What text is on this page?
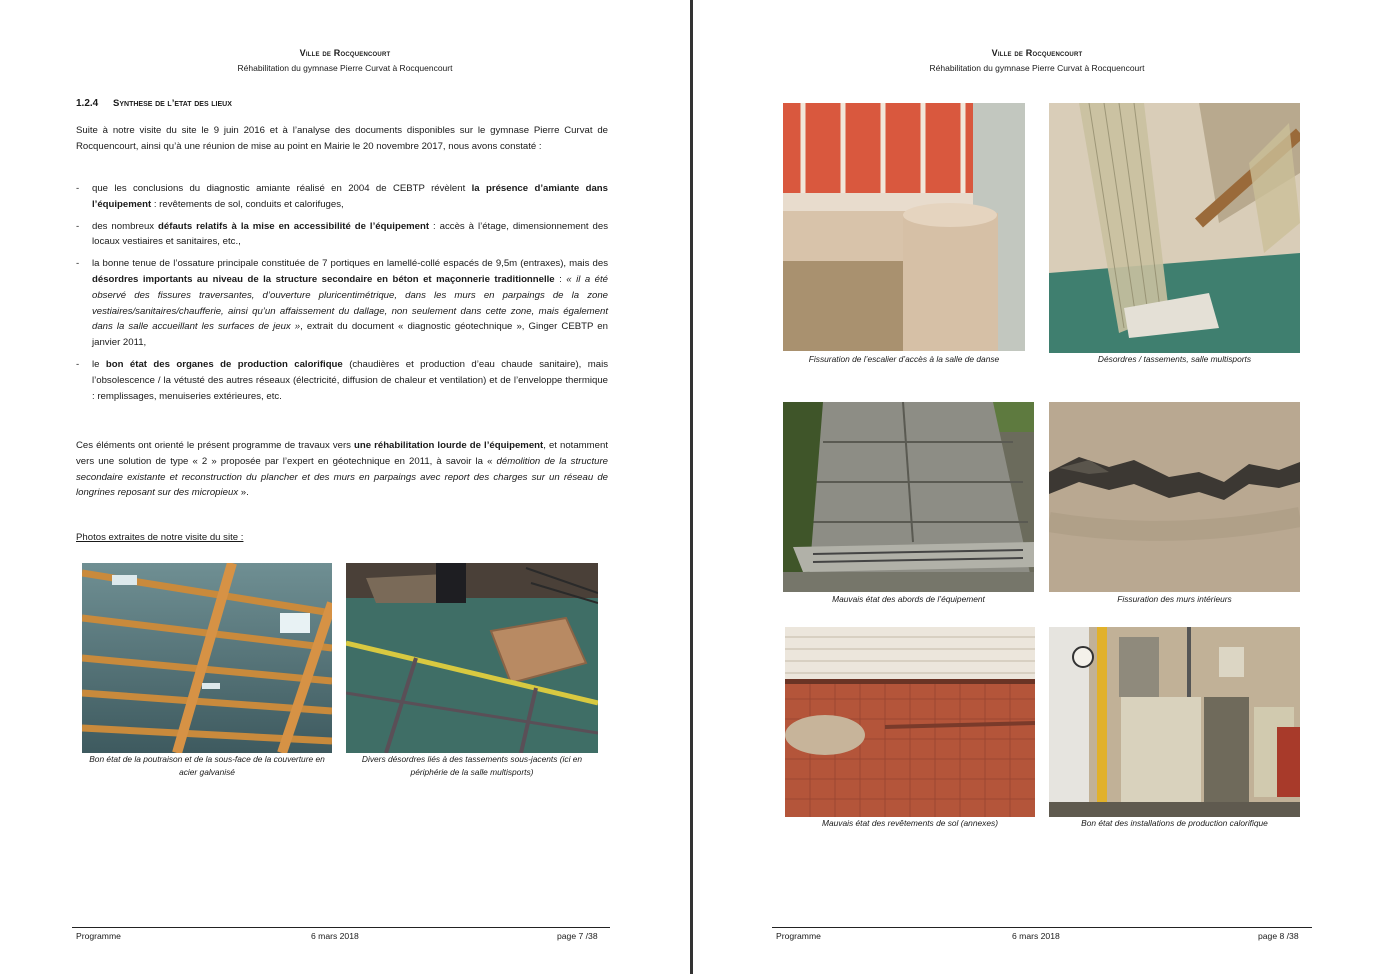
Ville de Rocquencourt
Réhabilitation du gymnase Pierre Curvat à Rocquencourt
1.2.4 Synthese de l’etat des lieux
Suite à notre visite du site le 9 juin 2016 et à l’analyse des documents disponibles sur le gymnase Pierre Curvat de Rocquencourt, ainsi qu’à une réunion de mise au point en Mairie le 20 novembre 2017, nous avons constaté :
- que les conclusions du diagnostic amiante réalisé en 2004 de CEBTP révèlent la présence d’amiante dans l’équipement : revêtements de sol, conduits et calorifuges,
- des nombreux défauts relatifs à la mise en accessibilité de l’équipement : accès à l’étage, dimensionnement des locaux vestiaires et sanitaires, etc.,
- la bonne tenue de l’ossature principale constituée de 7 portiques en lamellé-collé espacés de 9,5m (entraxes), mais des désordres importants au niveau de la structure secondaire en béton et maçonnerie traditionnelle : « il a été observé des fissures traversantes, d’ouverture pluricentimétrique, dans les murs en parpaings de la zone vestiaires/sanitaires/chaufferie, ainsi qu’un affaissement du dallage, non seulement dans cette zone, mais également dans la salle accueillant les surfaces de jeux », extrait du document « diagnostic géotechnique », Ginger CEBTP en janvier 2011,
- le bon état des organes de production calorifique (chaudières et production d’eau chaude sanitaire), mais l’obsolescence / la vétusté des autres réseaux (électricité, diffusion de chaleur et ventilation) et de l’enveloppe thermique : remplissages, menuiseries extérieures, etc.
Ces éléments ont orienté le présent programme de travaux vers une réhabilitation lourde de l’équipement, et notamment vers une solution de type « 2 » proposée par l’expert en géotechnique en 2011, à savoir la « démolition de la structure secondaire existante et reconstruction du plancher et des murs en parpaings avec report des charges sur un réseau de longrines reposant sur des micropieux ».
Photos extraites de notre visite du site :
Bon état de la poutraison et de la sous-face de la couverture en acier galvanisé
Divers désordres liés à des tassements sous-jacents (ici en périphérie de la salle multisports)
Programme	6 mars 2018	page 7 /38
Ville de Rocquencourt
Réhabilitation du gymnase Pierre Curvat à Rocquencourt
Fissuration de l’escalier d’accès à la salle de danse	Désordres / tassements, salle multisports
Mauvais état des abords de l’équipement	Fissuration des murs intérieurs
Mauvais état des revêtements de sol (annexes)	Bon état des installations de production calorifique
Programme	6 mars 2018	page 8 /38
